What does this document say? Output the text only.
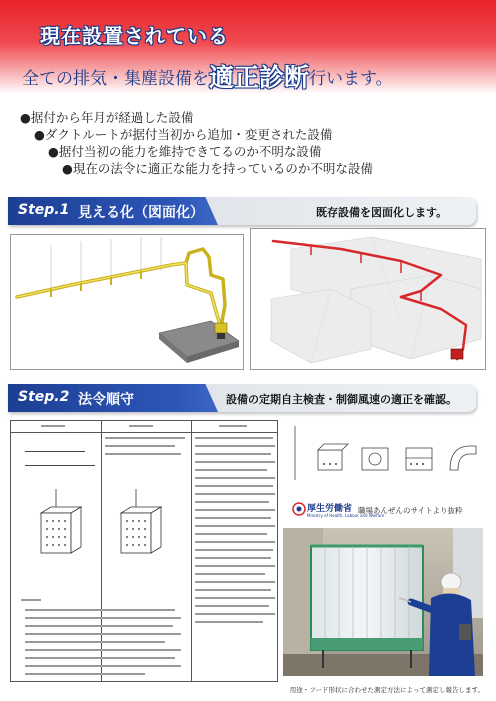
現在設置されている
全ての排気・集塵設備を適正診断行います。
●据付から年月が経過した設備
●ダクトルートが据付当初から追加・変更された設備
●据付当初の能力を維持できてるのか不明な設備
●現在の法令に適正な能力を持っているのか不明な設備
Step.1 見える化（図面化）	既存設備を図面化します。
Step.2 法令順守	設備の定期自主検査・制御風速の適正を確認。
厚生労働省
Ministry of Health, Labour and Welfare
職場あんぜんのサイトより抜粋
用途・フード形状に合わせた測定方法によって測定し報告します。
